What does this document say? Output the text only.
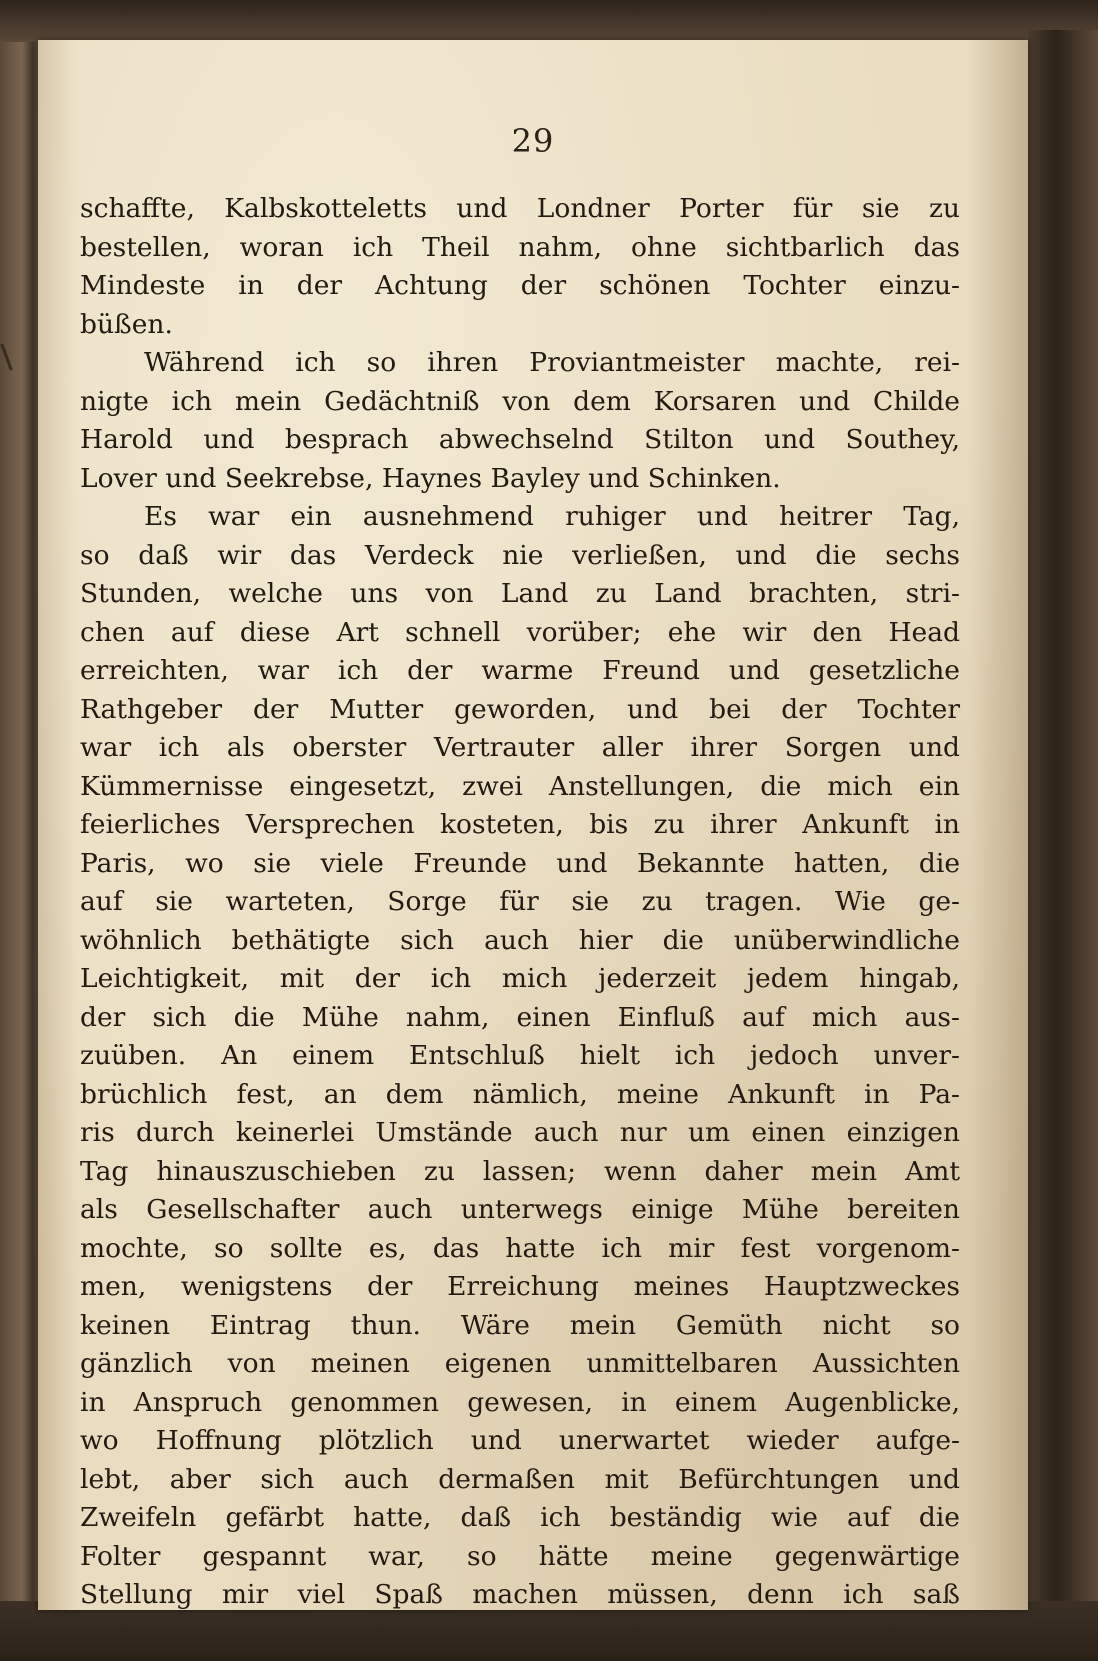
29
schaffte, Kalbskotteletts und Londner Porter für sie zu
bestellen, woran ich Theil nahm, ohne sichtbarlich das
Mindeste in der Achtung der schönen Tochter einzu-
büßen.
Während ich so ihren Proviantmeister machte, rei-
nigte ich mein Gedächtniß von dem Korsaren und Childe
Harold und besprach abwechselnd Stilton und Southey,
Lover und Seekrebse, Haynes Bayley und Schinken.
Es war ein ausnehmend ruhiger und heitrer Tag,
so daß wir das Verdeck nie verließen, und die sechs
Stunden, welche uns von Land zu Land brachten, stri-
chen auf diese Art schnell vorüber; ehe wir den Head
erreichten, war ich der warme Freund und gesetzliche
Rathgeber der Mutter geworden, und bei der Tochter
war ich als oberster Vertrauter aller ihrer Sorgen und
Kümmernisse eingesetzt, zwei Anstellungen, die mich ein
feierliches Versprechen kosteten, bis zu ihrer Ankunft in
Paris, wo sie viele Freunde und Bekannte hatten, die
auf sie warteten, Sorge für sie zu tragen. Wie ge-
wöhnlich bethätigte sich auch hier die unüberwindliche
Leichtigkeit, mit der ich mich jederzeit jedem hingab,
der sich die Mühe nahm, einen Einfluß auf mich aus-
zuüben. An einem Entschluß hielt ich jedoch unver-
brüchlich fest, an dem nämlich, meine Ankunft in Pa-
ris durch keinerlei Umstände auch nur um einen einzigen
Tag hinauszuschieben zu lassen; wenn daher mein Amt
als Gesellschafter auch unterwegs einige Mühe bereiten
mochte, so sollte es, das hatte ich mir fest vorgenom-
men, wenigstens der Erreichung meines Hauptzweckes
keinen Eintrag thun. Wäre mein Gemüth nicht so
gänzlich von meinen eigenen unmittelbaren Aussichten
in Anspruch genommen gewesen, in einem Augenblicke,
wo Hoffnung plötzlich und unerwartet wieder aufge-
lebt, aber sich auch dermaßen mit Befürchtungen und
Zweifeln gefärbt hatte, daß ich beständig wie auf die
Folter gespannt war, so hätte meine gegenwärtige
Stellung mir viel Spaß machen müssen, denn ich saß
